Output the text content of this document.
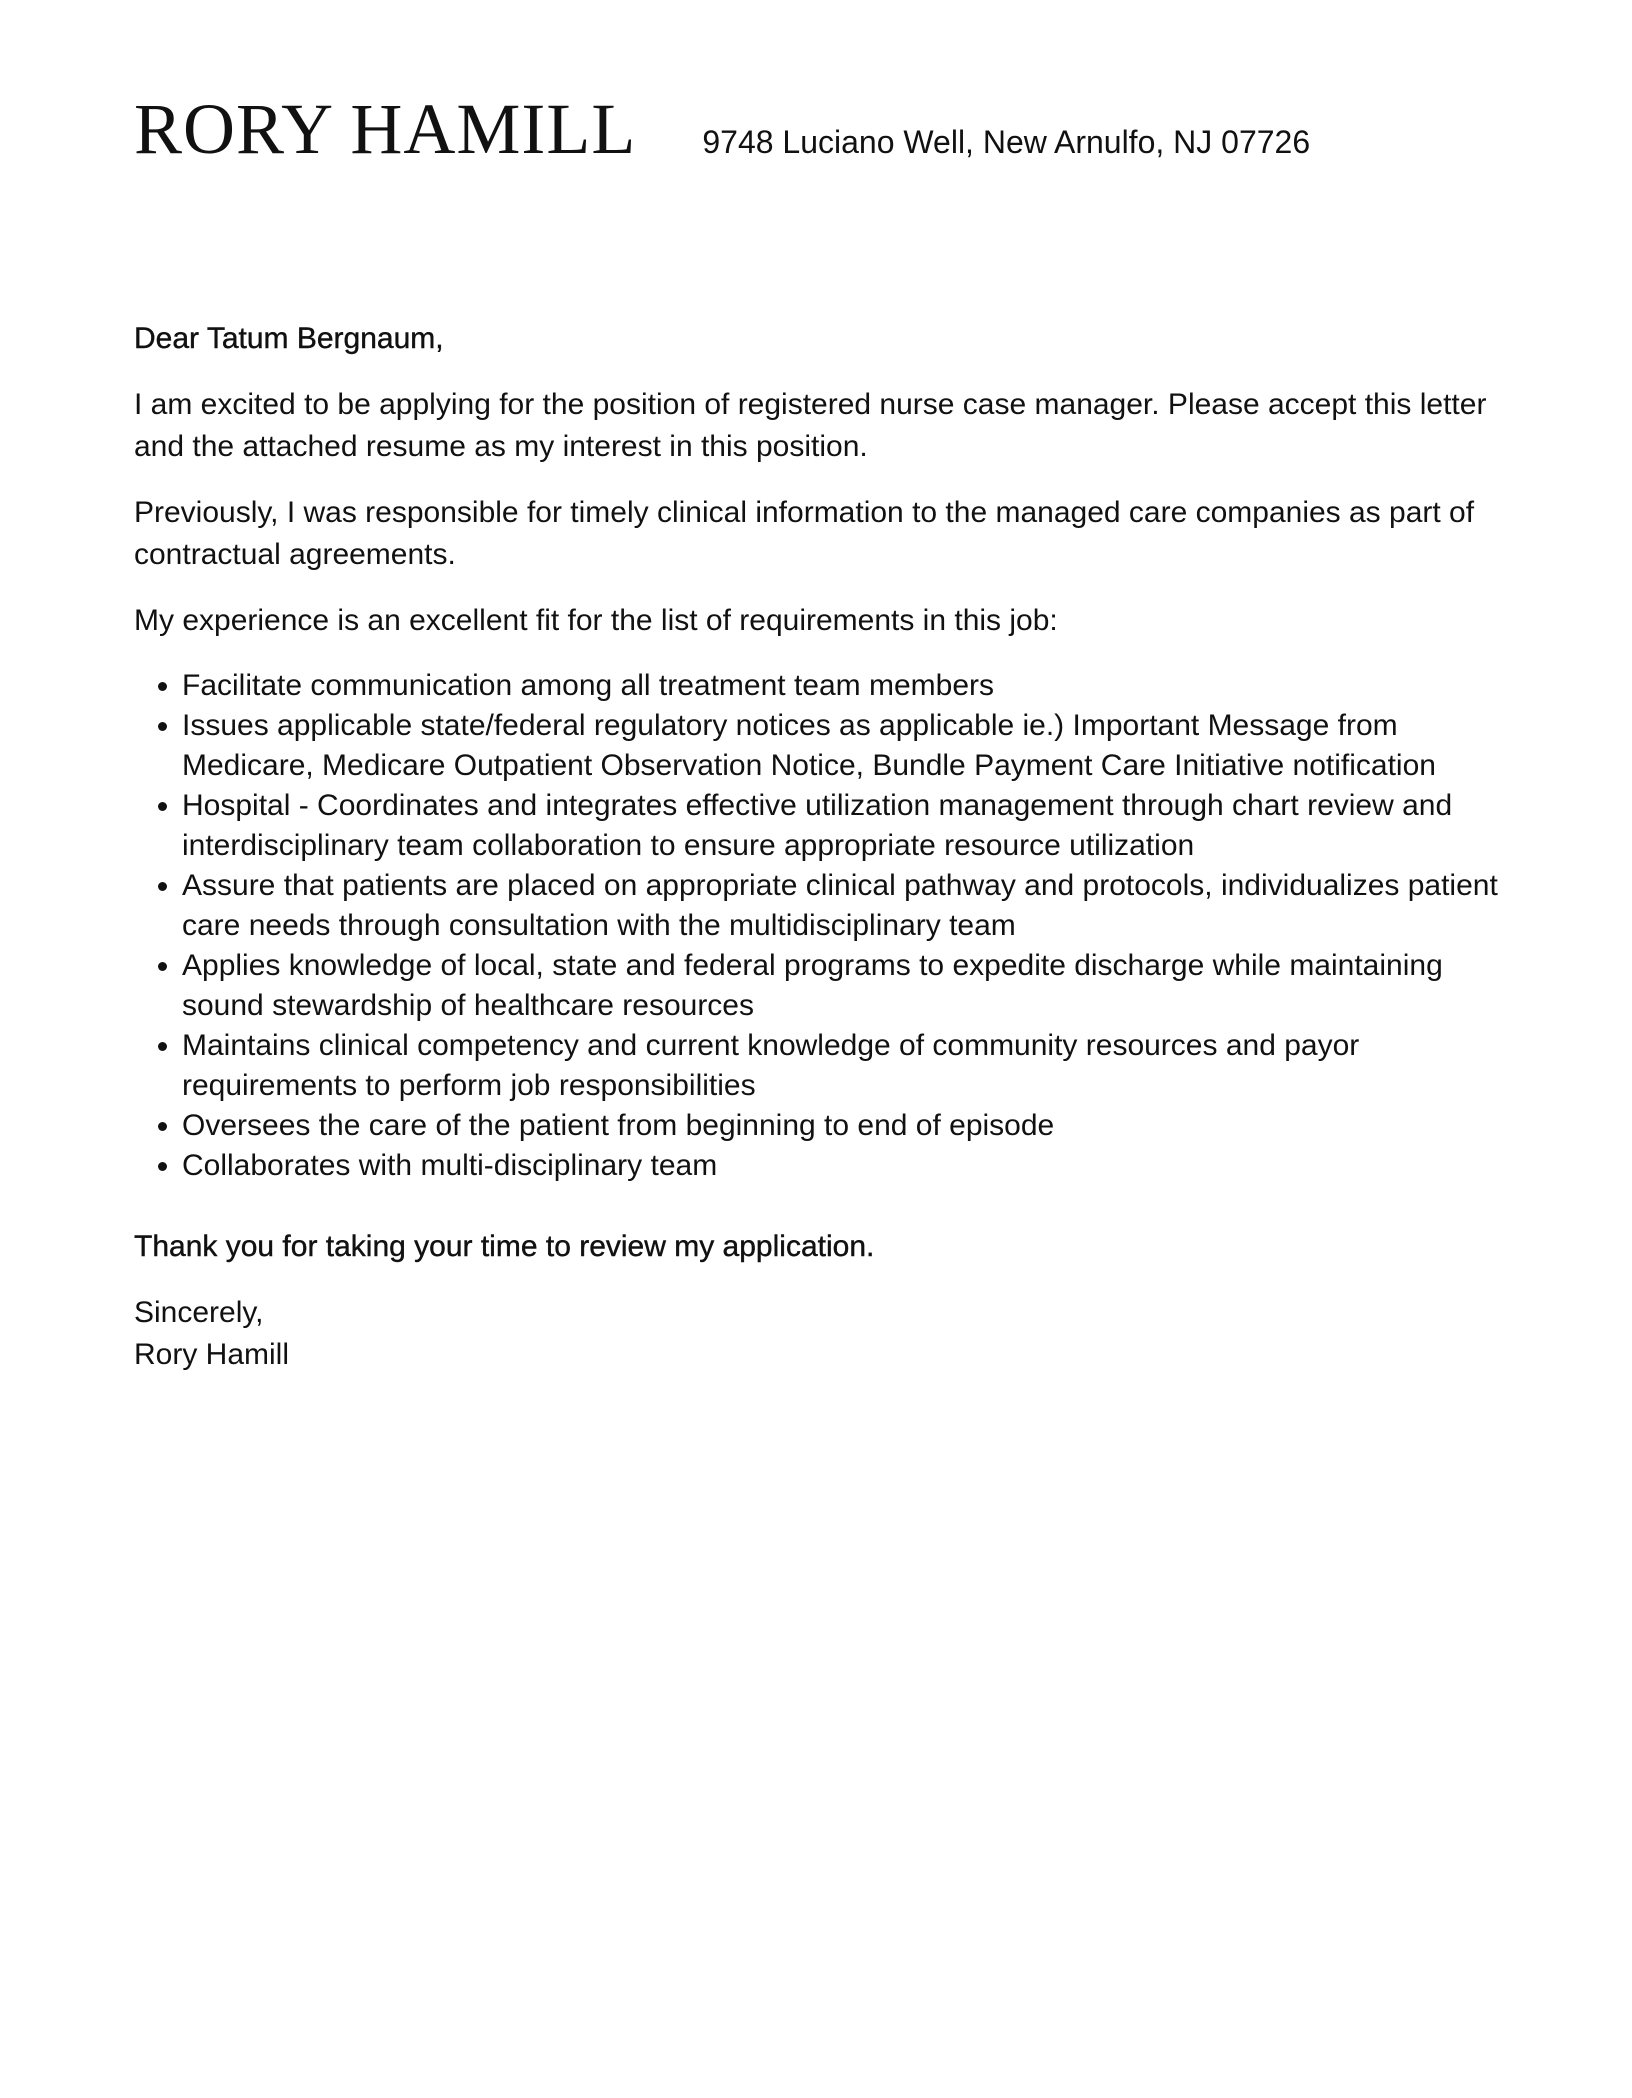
RORY HAMILL 9748 Luciano Well, New Arnulfo, NJ 07726

Dear Tatum Bergnaum,

I am excited to be applying for the position of registered nurse case manager. Please accept this letter and the attached resume as my interest in this position.

Previously, I was responsible for timely clinical information to the managed care companies as part of contractual agreements.

My experience is an excellent fit for the list of requirements in this job:

• Facilitate communication among all treatment team members
• Issues applicable state/federal regulatory notices as applicable ie.) Important Message from Medicare, Medicare Outpatient Observation Notice, Bundle Payment Care Initiative notification
• Hospital - Coordinates and integrates effective utilization management through chart review and interdisciplinary team collaboration to ensure appropriate resource utilization
• Assure that patients are placed on appropriate clinical pathway and protocols, individualizes patient care needs through consultation with the multidisciplinary team
• Applies knowledge of local, state and federal programs to expedite discharge while maintaining sound stewardship of healthcare resources
• Maintains clinical competency and current knowledge of community resources and payor requirements to perform job responsibilities
• Oversees the care of the patient from beginning to end of episode
• Collaborates with multi-disciplinary team

Thank you for taking your time to review my application.

Sincerely,
Rory Hamill
